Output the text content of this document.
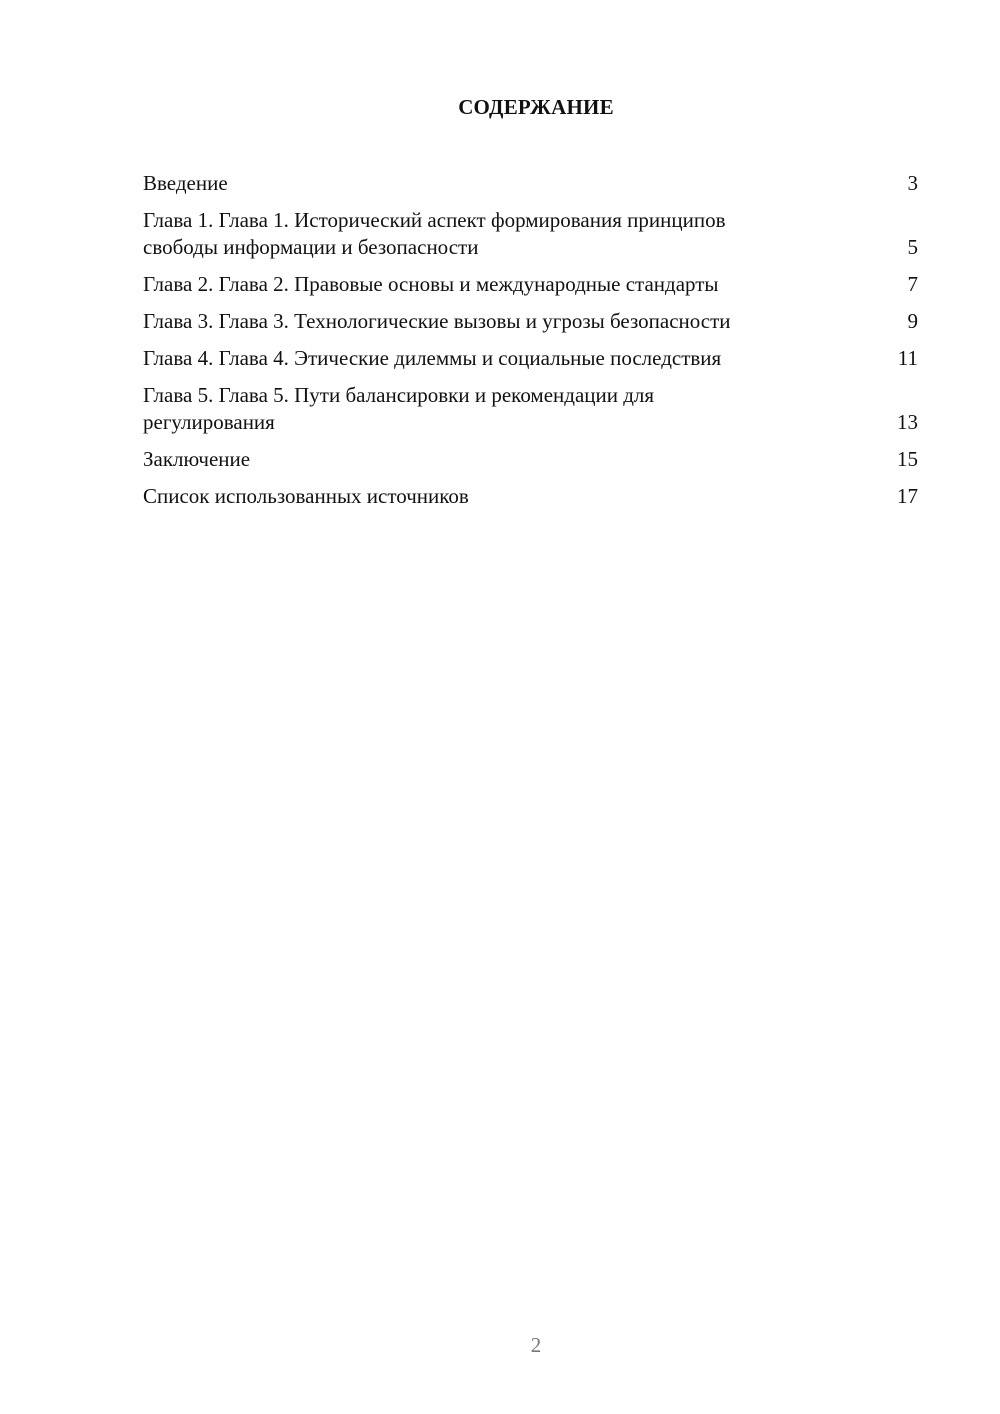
СОДЕРЖАНИЕ
Введение	3
Глава 1. Глава 1. Исторический аспект формирования принципов свободы информации и безопасности	5
Глава 2. Глава 2. Правовые основы и международные стандарты	7
Глава 3. Глава 3. Технологические вызовы и угрозы безопасности	9
Глава 4. Глава 4. Этические дилеммы и социальные последствия	11
Глава 5. Глава 5. Пути балансировки и рекомендации для регулирования	13
Заключение	15
Список использованных источников	17
2
